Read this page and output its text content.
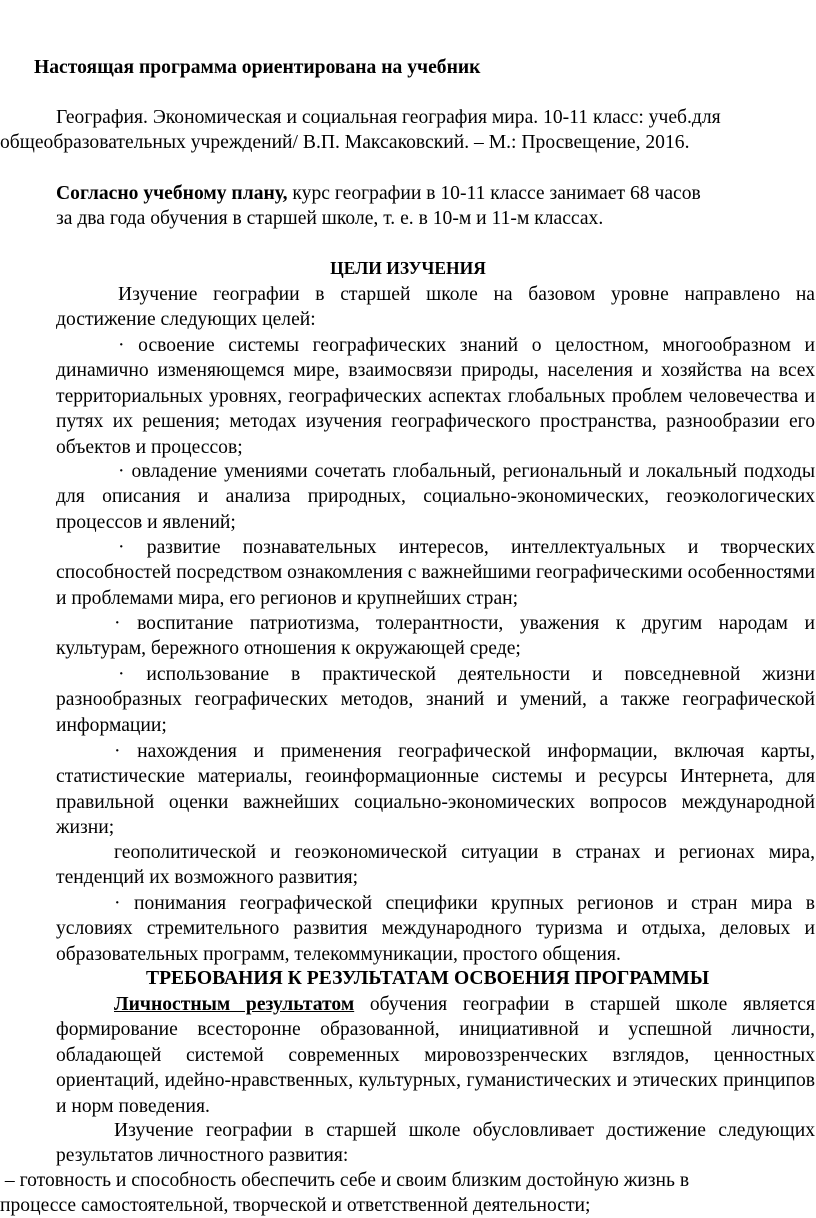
Настоящая программа ориентирована на учебник

География. Экономическая и социальная география мира. 10-11 класс: учеб.для

общеобразовательных учреждений/ В.П. Максаковский. – М.: Просвещение, 2016.

Согласно учебному плану, курс географии в 10-11 классе занимает 68 часов

за два года обучения в старшей школе, т. е. в 10-м и 11-м классах.

ЦЕЛИ ИЗУЧЕНИЯ

Изучение географии в старшей школе на базовом уровне направлено на достижение следующих целей:

· освоение системы географических знаний о целостном, многообразном и динамично изменяющемся мире, взаимосвязи природы, населения и хозяйства на всех территориальных уровнях, географических аспектах глобальных проблем человечества и путях их решения; методах изучения географического пространства, разнообразии его объектов и процессов;

· овладение умениями сочетать глобальный, региональный и локальный подходы для описания и анализа природных, социально-экономических, геоэкологических процессов и явлений;

· развитие познавательных интересов, интеллектуальных и творческих способностей посредством ознакомления с важнейшими географическими особенностями и проблемами мира, его регионов и крупнейших стран;

· воспитание патриотизма, толерантности, уважения к другим народам и культурам, бережного отношения к окружающей среде;

· использование в практической деятельности и повседневной жизни разнообразных географических методов, знаний и умений, а также географической информации;

· нахождения и применения географической информации, включая карты, статистические материалы, геоинформационные системы и ресурсы Интернета, для правильной оценки важнейших социально-экономических вопросов международной жизни;

геополитической и геоэкономической ситуации в странах и регионах мира, тенденций их возможного развития;

· понимания географической специфики крупных регионов и стран мира в условиях стремительного развития международного туризма и отдыха, деловых и образовательных программ, телекоммуникации, простого общения.

ТРЕБОВАНИЯ К РЕЗУЛЬТАТАМ ОСВОЕНИЯ ПРОГРАММЫ

Личностным результатом обучения географии в старшей школе является формирование всесторонне образованной, инициативной и успешной личности, обладающей системой современных мировоззренческих взглядов, ценностных ориентаций, идейно-нравственных, культурных, гуманистических и этических принципов и норм поведения.

Изучение географии в старшей школе обусловливает достижение следующих результатов личностного развития:

– готовность и способность обеспечить себе и своим близким достойную жизнь в

процессе самостоятельной, творческой и ответственной деятельности;
